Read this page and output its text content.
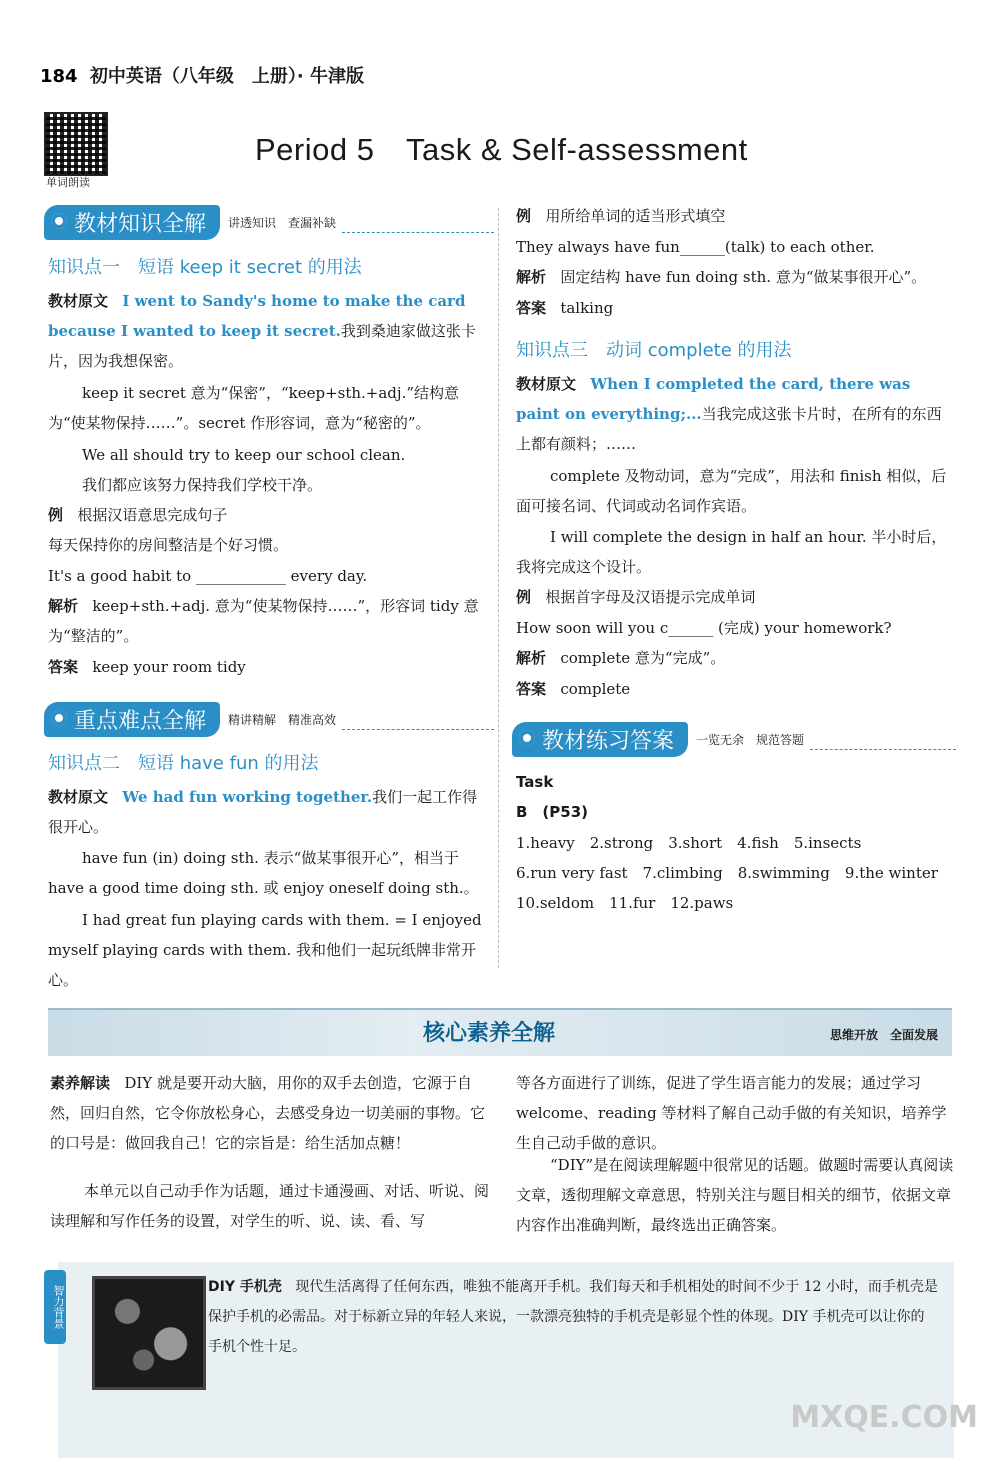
184 初中英语（八年级　上册）· 牛津版
单词朗读
Period 5　Task & Self-assessment
教材知识全解	讲透知识　查漏补缺
知识点一　短语 keep it secret 的用法
教材原文 I went to Sandy's home to make the card because I wanted to keep it secret.我到桑迪家做这张卡片，因为我想保密。
keep it secret 意为“保密”，“keep+sth.+adj.”结构意为“使某物保持……”。secret 作形容词，意为“秘密的”。
We all should try to keep our school clean.
我们都应该努力保持我们学校干净。
例 根据汉语意思完成句子
每天保持你的房间整洁是个好习惯。
It's a good habit to ____________ every day.
解析 keep+sth.+adj. 意为“使某物保持……”，形容词 tidy 意为“整洁的”。
答案 keep your room tidy
重点难点全解	精讲精解　精准高效
知识点二　短语 have fun 的用法
教材原文 We had fun working together.我们一起工作得很开心。
have fun (in) doing sth. 表示“做某事很开心”，相当于 have a good time doing sth. 或 enjoy oneself doing sth.。
I had great fun playing cards with them. = I enjoyed myself playing cards with them. 我和他们一起玩纸牌非常开心。
例 用所给单词的适当形式填空
They always have fun______(talk) to each other.
解析 固定结构 have fun doing sth. 意为“做某事很开心”。
答案 talking
知识点三　动词 complete 的用法
教材原文 When I completed the card, there was paint on everything;...当我完成这张卡片时，在所有的东西上都有颜料；……
complete 及物动词，意为“完成”，用法和 finish 相似，后面可接名词、代词或动名词作宾语。
I will complete the design in half an hour. 半小时后，我将完成这个设计。
例 根据首字母及汉语提示完成单词
How soon will you c______ (完成) your homework?
解析 complete 意为“完成”。
答案 complete
教材练习答案	一览无余　规范答题
Task
B　(P53)
1.heavy　2.strong　3.short　4.fish　5.insects
6.run very fast　7.climbing　8.swimming　9.the winter
10.seldom　11.fur　12.paws
核心素养全解	思维开放　全面发展
素养解读 DIY 就是要开动大脑，用你的双手去创造，它源于自然，回归自然，它令你放松身心，去感受身边一切美丽的事物。它的口号是：做回我自己！它的宗旨是：给生活加点糖！
本单元以自己动手作为话题，通过卡通漫画、对话、听说、阅读理解和写作任务的设置，对学生的听、说、读、看、写
等各方面进行了训练，促进了学生语言能力的发展；通过学习 welcome、reading 等材料了解自己动手做的有关知识，培养学生自己动手做的意识。
“DIY”是在阅读理解题中很常见的话题。做题时需要认真阅读文章，透彻理解文章意思，特别关注与题目相关的细节，依据文章内容作出准确判断，最终选出正确答案。
智力背景	DIY 手机壳 现代生活离得了任何东西，唯独不能离开手机。我们每天和手机相处的时间不少于 12 小时，而手机壳是保护手机的必需品。对于标新立异的年轻人来说，一款漂亮独特的手机壳是彰显个性的体现。DIY 手机壳可以让你的手机个性十足。
MXQE.COM
